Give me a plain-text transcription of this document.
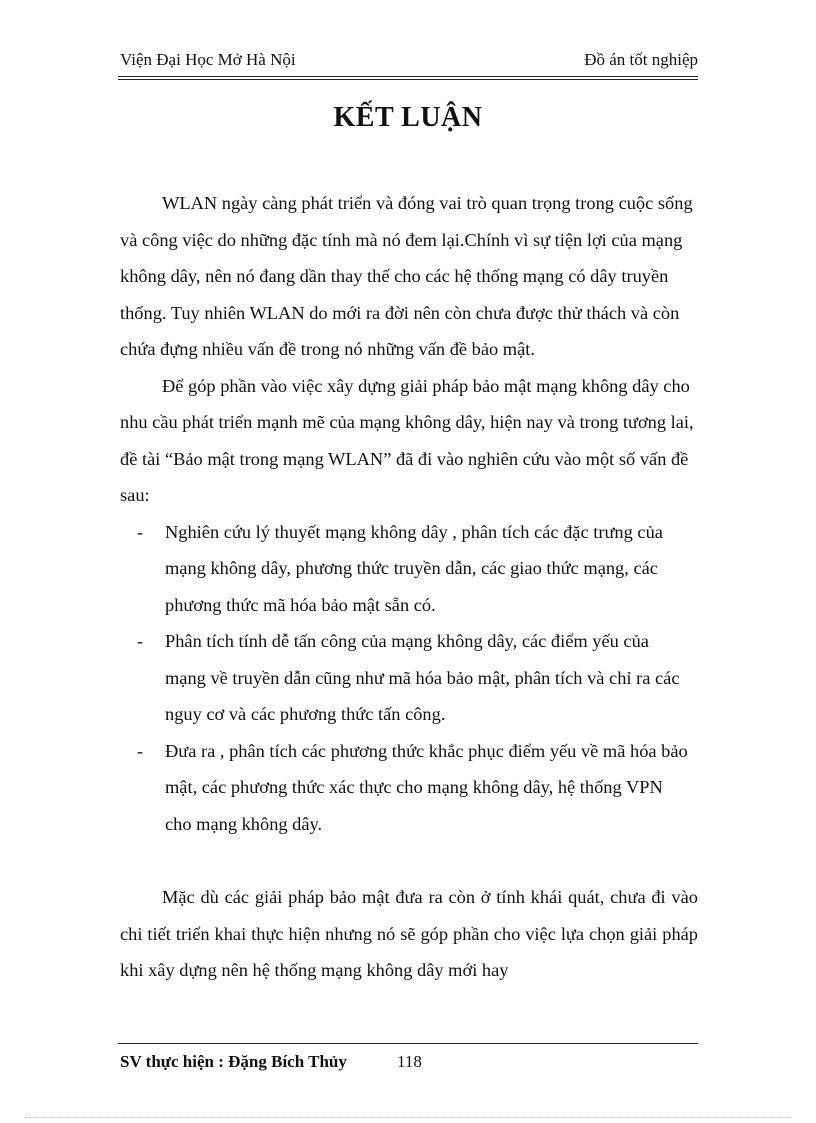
Viện Đại Học Mở Hà Nội	Đồ án tốt nghiệp
KẾT LUẬN

WLAN ngày càng phát triển và đóng vai trò quan trọng trong cuộc sống và công việc do những đặc tính mà nó đem lại.Chính vì sự tiện lợi của mạng không dây, nên nó đang dần thay thế cho các hệ thống mạng có dây truyền thống. Tuy nhiên WLAN do mới ra đời nên còn chưa được thử thách và còn chứa đựng nhiều vấn đề trong nó những vấn đề bảo mật.

Để góp phần vào việc xây dựng giải pháp bảo mật mạng không dây cho nhu cầu phát triển mạnh mẽ của mạng không dây, hiện nay và trong tương lai, đề tài “Bảo mật trong mạng WLAN” đã đi vào nghiên cứu vào một số vấn đề sau:

- Nghiên cứu lý thuyết mạng không dây , phân tích các đặc trưng của mạng không dây, phương thức truyền dẫn, các giao thức mạng, các phương thức mã hóa bảo mật sẵn có.
- Phân tích tính dễ tấn công của mạng không dây, các điểm yếu của mạng về truyền dẫn cũng như mã hóa bảo mật, phân tích và chỉ ra các nguy cơ và các phương thức tấn công.
- Đưa ra , phân tích các phương thức khắc phục điểm yếu về mã hóa bảo mật, các phương thức xác thực cho mạng không dây, hệ thống VPN cho mạng không dây.

Mặc dù các giải pháp bảo mật đưa ra còn ở tính khái quát, chưa đi vào chi tiết triển khai thực hiện nhưng nó sẽ góp phần cho việc lựa chọn giải pháp khi xây dựng nên hệ thống mạng không dây mới hay

SV thực hiện : Đặng Bích Thủy	118
